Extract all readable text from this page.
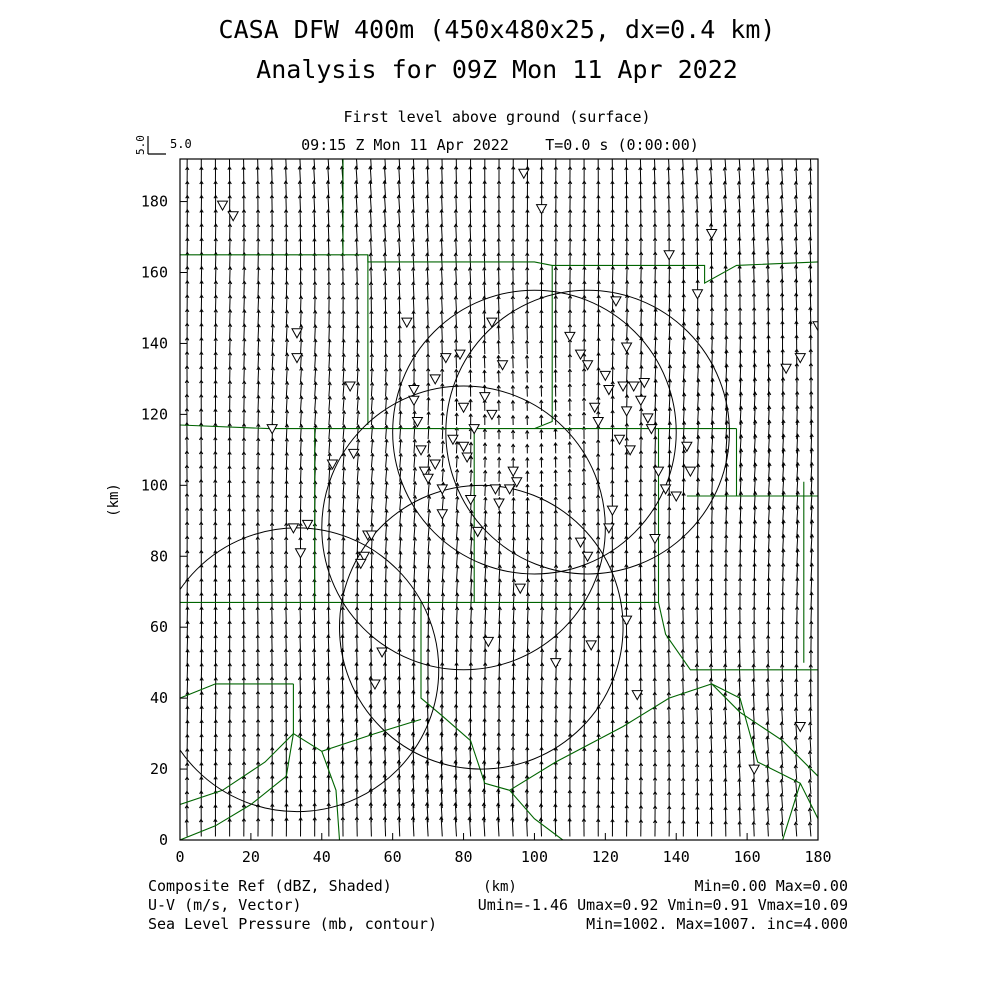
CASA DFW 400m (450x480x25, dx=0.4 km)
Analysis for 09Z Mon 11 Apr 2022
First level above ground (surface)
09:15 Z Mon 11 Apr 2022 T=0.0 s (0:00:00)
5.0 5.0
0	20	40	60	80	100	120	140	160	180
0
20
40
60
80
100
120
140
160
180
(km)
(km)
Composite Ref (dBZ, Shaded)	Min=0.00 Max=0.00
U-V (m/s, Vector)	Umin=-1.46 Umax=0.92 Vmin=0.91 Vmax=10.09
Sea Level Pressure (mb, contour)	Min=1002. Max=1007. inc=4.000
